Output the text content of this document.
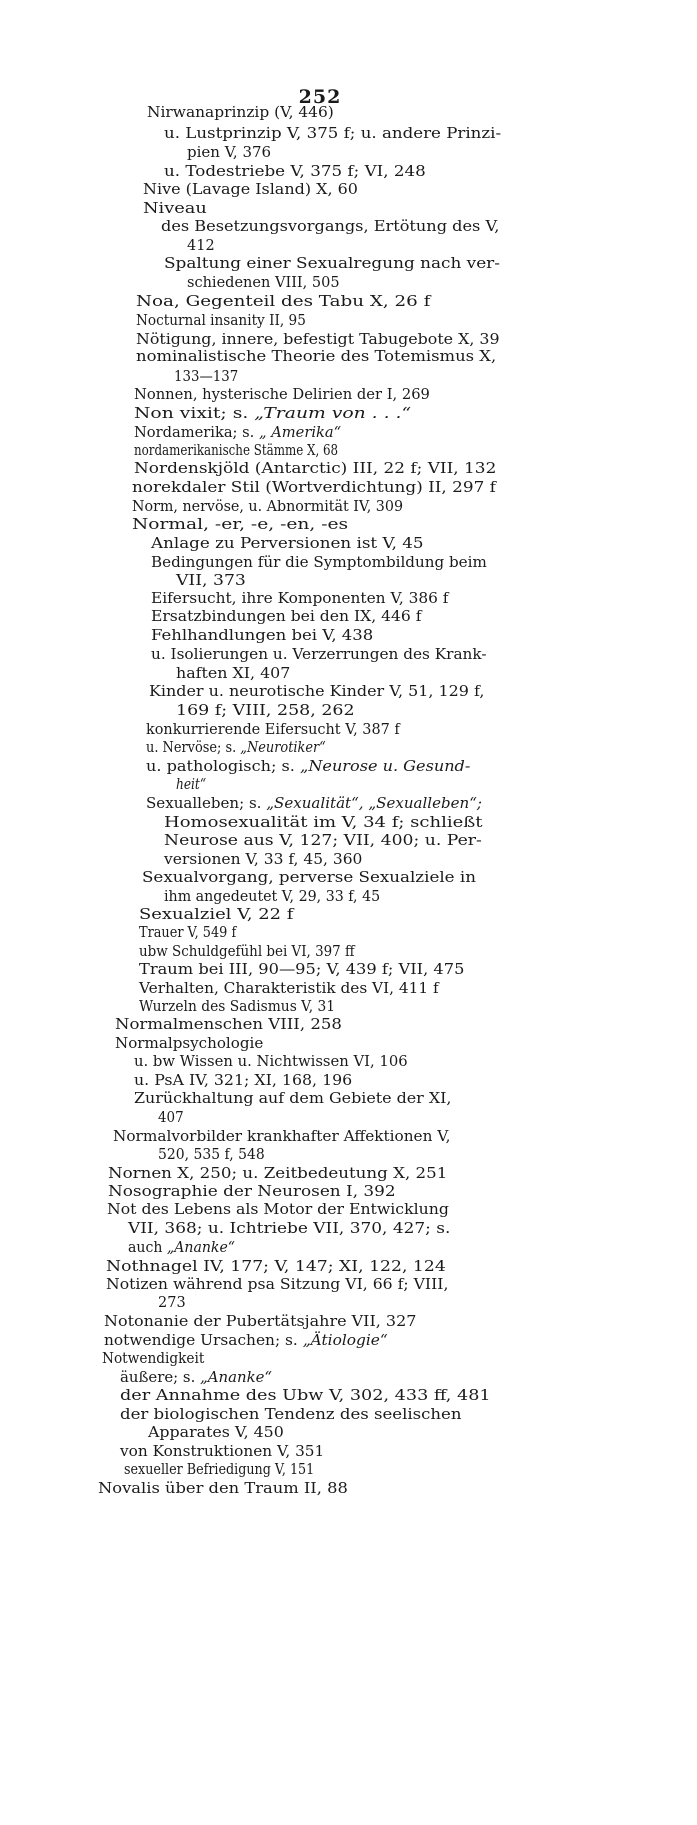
252
Nirwanaprinzip (V, 446)
u. Lustprinzip V, 375 f; u. andere Prinzi-
pien V, 376
u. Todestriebe V, 375 f; VI, 248
Nive (Lavage Island) X, 60
Niveau
des Besetzungsvorgangs, Ertötung des V,
412
Spaltung einer Sexualregung nach ver-
schiedenen VIII, 505
Noa, Gegenteil des Tabu X, 26 f
Nocturnal insanity II, 95
Nötigung, innere, befestigt Tabugebote X, 39
nominalistische Theorie des Totemismus X,
133—137
Nonnen, hysterische Delirien der I, 269
Non vixit; s. „Traum von . . .“
Nordamerika; s. „ Amerika“
nordamerikanische Stämme X, 68
Nordenskjöld (Antarctic) III, 22 f; VII, 132
norekdaler Stil (Wortverdichtung) II, 297 f
Norm, nervöse, u. Abnormität IV, 309
Normal, -er, -e, -en, -es
Anlage zu Perversionen ist V, 45
Bedingungen für die Symptombildung beim
VII, 373
Eifersucht, ihre Komponenten V, 386 f
Ersatzbindungen bei den IX, 446 f
Fehlhandlungen bei V, 438
u. Isolierungen u. Verzerrungen des Krank-
haften XI, 407
Kinder u. neurotische Kinder V, 51, 129 f,
169 f; VIII, 258, 262
konkurrierende Eifersucht V, 387 f
u. Nervöse; s. „Neurotiker“
u. pathologisch; s. „Neurose u. Gesund-
heit“
Sexualleben; s. „Sexualität“, „Sexualleben“;
Homosexualität im V, 34 f; schließt
Neurose aus V, 127; VII, 400; u. Per-
versionen V, 33 f, 45, 360
Sexualvorgang, perverse Sexualziele in
ihm angedeutet V, 29, 33 f, 45
Sexualziel V, 22 f
Trauer V, 549 f
ubw Schuldgefühl bei VI, 397 ff
Traum bei III, 90—95; V, 439 f; VII, 475
Verhalten, Charakteristik des VI, 411 f
Wurzeln des Sadismus V, 31
Normalmenschen VIII, 258
Normalpsychologie
u. bw Wissen u. Nichtwissen VI, 106
u. PsA IV, 321; XI, 168, 196
Zurückhaltung auf dem Gebiete der XI,
407
Normalvorbilder krankhafter Affektionen V,
520, 535 f, 548
Nornen X, 250; u. Zeitbedeutung X, 251
Nosographie der Neurosen I, 392
Not des Lebens als Motor der Entwicklung
VII, 368; u. Ichtriebe VII, 370, 427; s.
auch „Ananke“
Nothnagel IV, 177; V, 147; XI, 122, 124
Notizen während psa Sitzung VI, 66 f; VIII,
273
Notonanie der Pubertätsjahre VII, 327
notwendige Ursachen; s. „Ätiologie“
Notwendigkeit
äußere; s. „Ananke“
der Annahme des Ubw V, 302, 433 ff, 481
der biologischen Tendenz des seelischen
Apparates V, 450
von Konstruktionen V, 351
sexueller Befriedigung V, 151
Novalis über den Traum II, 88
